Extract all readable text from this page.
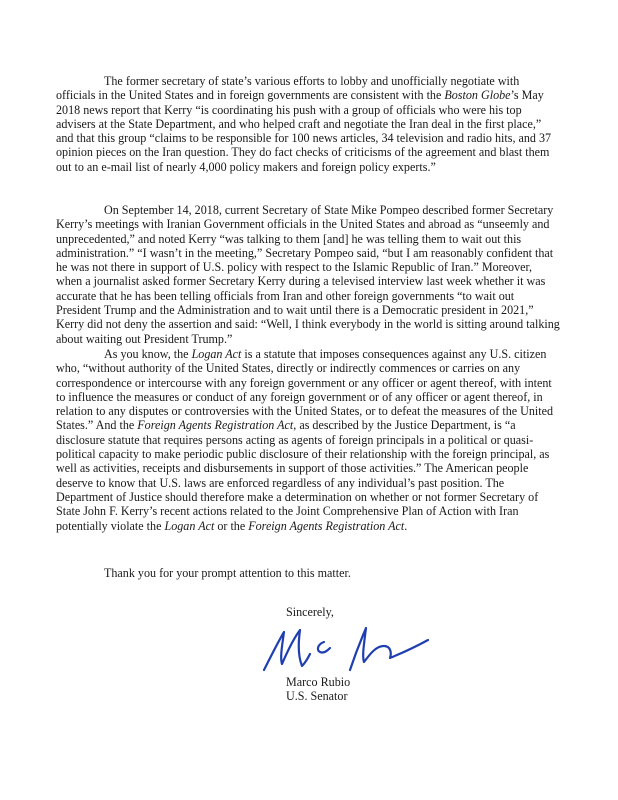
The former secretary of state’s various efforts to lobby and unofficially negotiate with officials in the United States and in foreign governments are consistent with the Boston Globe’s May 2018 news report that Kerry “is coordinating his push with a group of officials who were his top advisers at the State Department, and who helped craft and negotiate the Iran deal in the first place,” and that this group “claims to be responsible for 100 news articles, 34 television and radio hits, and 37 opinion pieces on the Iran question. They do fact checks of criticisms of the agreement and blast them out to an e-mail list of nearly 4,000 policy makers and foreign policy experts.”

On September 14, 2018, current Secretary of State Mike Pompeo described former Secretary Kerry’s meetings with Iranian Government officials in the United States and abroad as “unseemly and unprecedented,” and noted Kerry “was talking to them [and] he was telling them to wait out this administration.” “I wasn’t in the meeting,” Secretary Pompeo said, “but I am reasonably confident that he was not there in support of U.S. policy with respect to the Islamic Republic of Iran.” Moreover, when a journalist asked former Secretary Kerry during a televised interview last week whether it was accurate that he has been telling officials from Iran and other foreign governments “to wait out President Trump and the Administration and to wait until there is a Democratic president in 2021,” Kerry did not deny the assertion and said: “Well, I think everybody in the world is sitting around talking about waiting out President Trump.”

As you know, the Logan Act is a statute that imposes consequences against any U.S. citizen who, “without authority of the United States, directly or indirectly commences or carries on any correspondence or intercourse with any foreign government or any officer or agent thereof, with intent to influence the measures or conduct of any foreign government or of any officer or agent thereof, in relation to any disputes or controversies with the United States, or to defeat the measures of the United States.” And the Foreign Agents Registration Act, as described by the Justice Department, is “a disclosure statute that requires persons acting as agents of foreign principals in a political or quasi-political capacity to make periodic public disclosure of their relationship with the foreign principal, as well as activities, receipts and disbursements in support of those activities.” The American people deserve to know that U.S. laws are enforced regardless of any individual’s past position. The Department of Justice should therefore make a determination on whether or not former Secretary of State John F. Kerry’s recent actions related to the Joint Comprehensive Plan of Action with Iran potentially violate the Logan Act or the Foreign Agents Registration Act.

Thank you for your prompt attention to this matter.

Sincerely,

Marco Rubio

U.S. Senator
